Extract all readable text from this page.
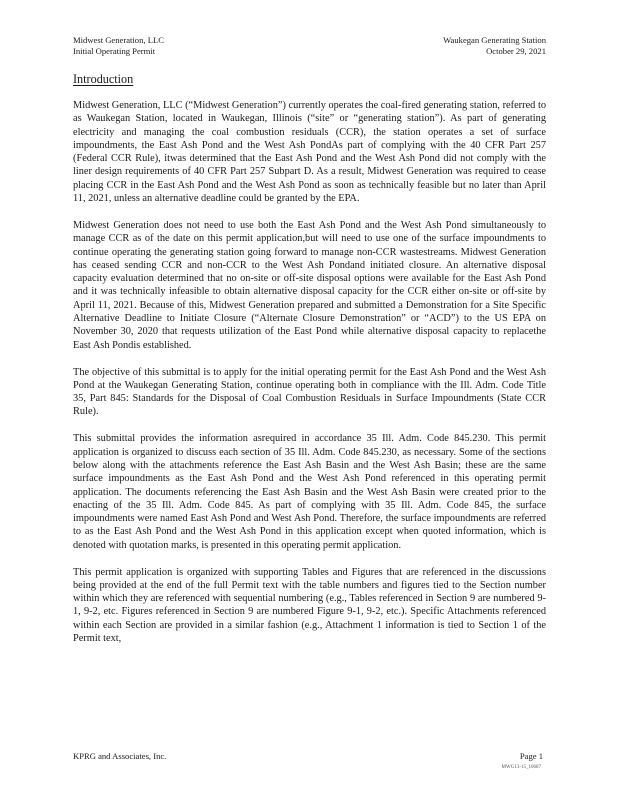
Midwest Generation, LLC
Initial Operating Permit
Waukegan Generating Station
October 29, 2021
Introduction

Midwest Generation, LLC (“Midwest Generation”) currently operates the coal-fired generating station, referred to as Waukegan Station, located in Waukegan, Illinois (“site” or “generating station”). As part of generating electricity and managing the coal combustion residuals (CCR), the station operates a set of surface impoundments, the East Ash Pond and the West Ash PondAs part of complying with the 40 CFR Part 257 (Federal CCR Rule), itwas determined that the East Ash Pond and the West Ash Pond did not comply with the liner design requirements of 40 CFR Part 257 Subpart D. As a result, Midwest Generation was required to cease placing CCR in the East Ash Pond and the West Ash Pond as soon as technically feasible but no later than April 11, 2021, unless an alternative deadline could be granted by the EPA.

Midwest Generation does not need to use both the East Ash Pond and the West Ash Pond simultaneously to manage CCR as of the date on this permit application,but will need to use one of the surface impoundments to continue operating the generating station going forward to manage non-CCR wastestreams. Midwest Generation has ceased sending CCR and non-CCR to the West Ash Pondand initiated closure. An alternative disposal capacity evaluation determined that no on-site or off-site disposal options were available for the East Ash Pond and it was technically infeasible to obtain alternative disposal capacity for the CCR either on-site or off-site by April 11, 2021. Because of this, Midwest Generation prepared and submitted a Demonstration for a Site Specific Alternative Deadline to Initiate Closure (“Alternate Closure Demonstration” or “ACD”) to the US EPA on November 30, 2020 that requests utilization of the East Pond while alternative disposal capacity to replacethe East Ash Pondis established.

The objective of this submittal is to apply for the initial operating permit for the East Ash Pond and the West Ash Pond at the Waukegan Generating Station, continue operating both in compliance with the Ill. Adm. Code Title 35, Part 845: Standards for the Disposal of Coal Combustion Residuals in Surface Impoundments (State CCR Rule).

This submittal provides the information asrequired in accordance 35 Ill. Adm. Code 845.230. This permit application is organized to discuss each section of 35 Ill. Adm. Code 845.230, as necessary. Some of the sections below along with the attachments reference the East Ash Basin and the West Ash Basin; these are the same surface impoundments as the East Ash Pond and the West Ash Pond referenced in this operating permit application. The documents referencing the East Ash Basin and the West Ash Basin were created prior to the enacting of the 35 Ill. Adm. Code 845. As part of complying with 35 Ill. Adm. Code 845, the surface impoundments were named East Ash Pond and West Ash Pond. Therefore, the surface impoundments are referred to as the East Ash Pond and the West Ash Pond in this application except when quoted information, which is denoted with quotation marks, is presented in this operating permit application.

This permit application is organized with supporting Tables and Figures that are referenced in the discussions being provided at the end of the full Permit text with the table numbers and figures tied to the Section number within which they are referenced with sequential numbering (e.g., Tables referenced in Section 9 are numbered 9-1, 9-2, etc. Figures referenced in Section 9 are numbered Figure 9-1, 9-2, etc.). Specific Attachments referenced within each Section are provided in a similar fashion (e.g., Attachment 1 information is tied to Section 1 of the Permit text,

KPRG and Associates, Inc.	Page 1
MWG13-15_10687
